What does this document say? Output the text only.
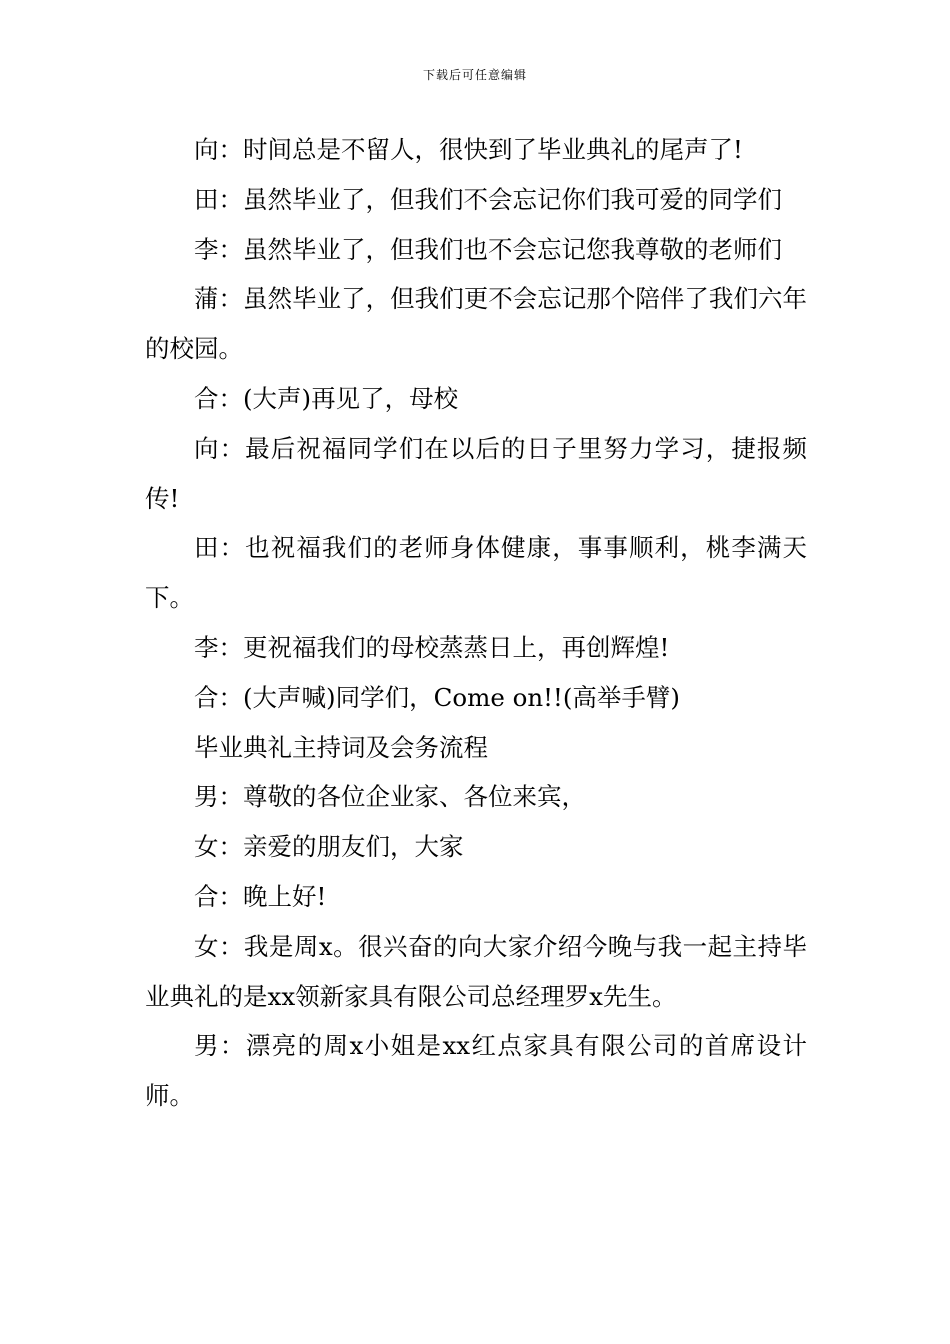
下载后可任意编辑

向：时间总是不留人，很快到了毕业典礼的尾声了!

田：虽然毕业了，但我们不会忘记你们我可爱的同学们

李：虽然毕业了，但我们也不会忘记您我尊敬的老师们

蒲：虽然毕业了，但我们更不会忘记那个陪伴了我们六年的校园。

合：(大声)再见了，母校

向：最后祝福同学们在以后的日子里努力学习，捷报频传!

田：也祝福我们的老师身体健康，事事顺利，桃李满天下。

李：更祝福我们的母校蒸蒸日上，再创辉煌!

合：(大声喊)同学们，Come on!!(高举手臂)

毕业典礼主持词及会务流程

男：尊敬的各位企业家、各位来宾，

女：亲爱的朋友们，大家

合：晚上好!

女：我是周x。很兴奋的向大家介绍今晚与我一起主持毕业典礼的是xx领新家具有限公司总经理罗x先生。

男：漂亮的周x小姐是xx红点家具有限公司的首席设计师。
